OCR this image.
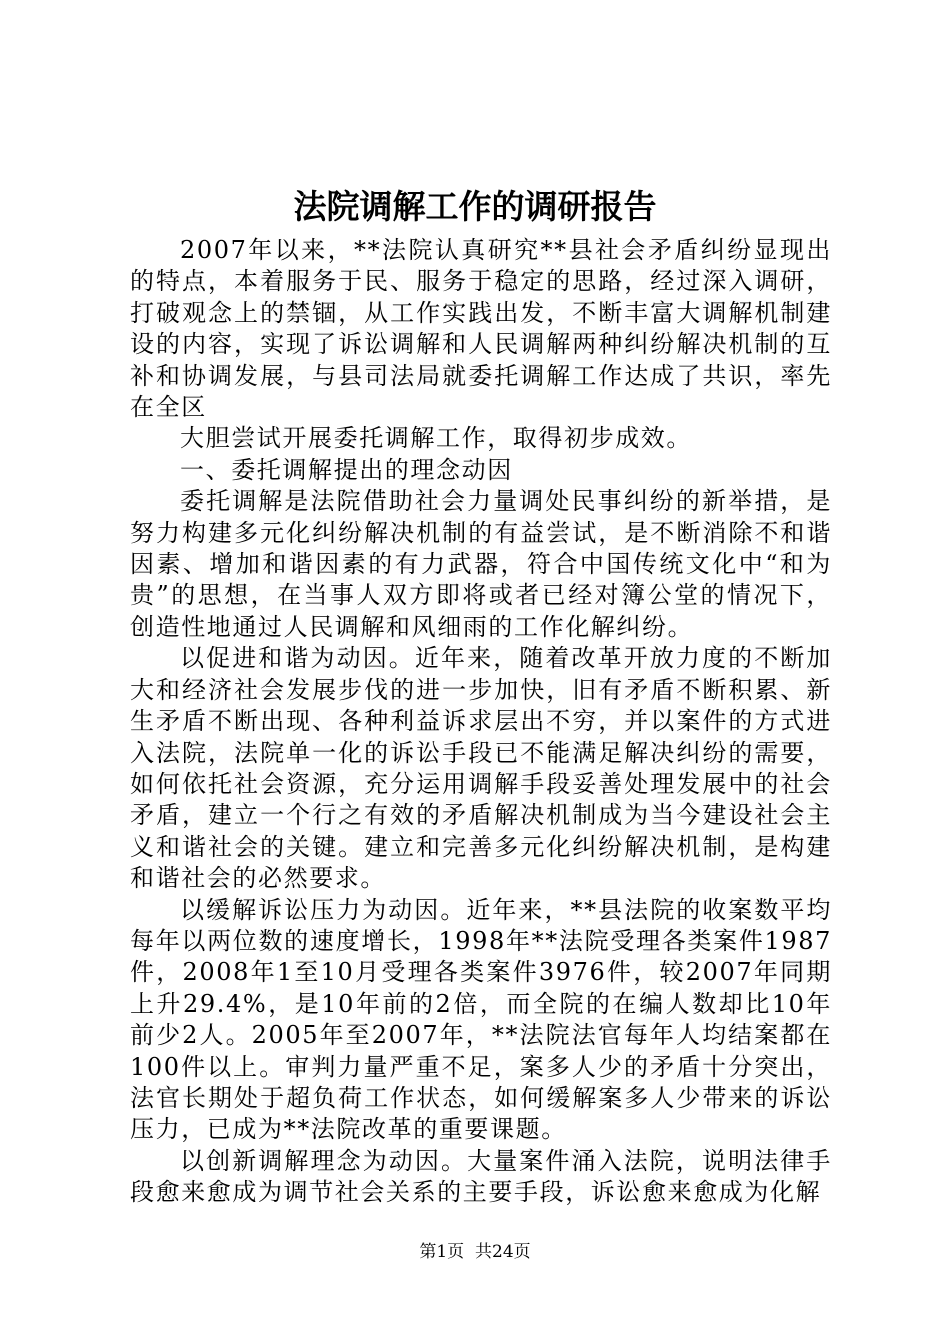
法院调解工作的调研报告

2007年以来，**法院认真研究**县社会矛盾纠纷显现出的特点，本着服务于民、服务于稳定的思路，经过深入调研，打破观念上的禁锢，从工作实践出发，不断丰富大调解机制建设的内容，实现了诉讼调解和人民调解两种纠纷解决机制的互补和协调发展，与县司法局就委托调解工作达成了共识，率先在全区

大胆尝试开展委托调解工作，取得初步成效。

一、委托调解提出的理念动因

委托调解是法院借助社会力量调处民事纠纷的新举措，是努力构建多元化纠纷解决机制的有益尝试，是不断消除不和谐因素、增加和谐因素的有力武器，符合中国传统文化中“和为贵”的思想，在当事人双方即将或者已经对簿公堂的情况下，创造性地通过人民调解和风细雨的工作化解纠纷。

以促进和谐为动因。近年来，随着改革开放力度的不断加大和经济社会发展步伐的进一步加快，旧有矛盾不断积累、新生矛盾不断出现、各种利益诉求层出不穷，并以案件的方式进入法院，法院单一化的诉讼手段已不能满足解决纠纷的需要，如何依托社会资源，充分运用调解手段妥善处理发展中的社会矛盾，建立一个行之有效的矛盾解决机制成为当今建设社会主义和谐社会的关键。建立和完善多元化纠纷解决机制，是构建和谐社会的必然要求。

以缓解诉讼压力为动因。近年来，**县法院的收案数平均每年以两位数的速度增长，1998年**法院受理各类案件1987件，2008年1至10月受理各类案件3976件，较2007年同期上升29.4%，是10年前的2倍，而全院的在编人数却比10年前少2人。2005年至2007年，**法院法官每年人均结案都在100件以上。审判力量严重不足，案多人少的矛盾十分突出，法官长期处于超负荷工作状态，如何缓解案多人少带来的诉讼压力，已成为**法院改革的重要课题。

以创新调解理念为动因。大量案件涌入法院，说明法律手段愈来愈成为调节社会关系的主要手段，诉讼愈来愈成为化解

第1页 共24页
